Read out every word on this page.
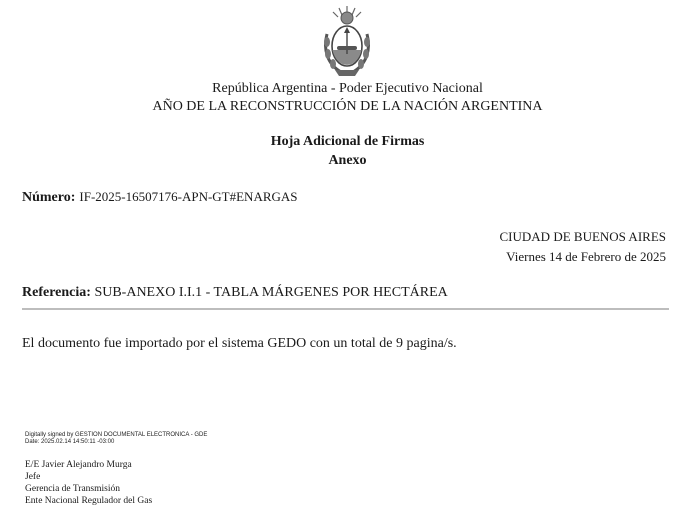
República Argentina - Poder Ejecutivo Nacional
AÑO DE LA RECONSTRUCCIÓN DE LA NACIÓN ARGENTINA
Hoja Adicional de Firmas
Anexo
Número: IF-2025-16507176-APN-GT#ENARGAS
CIUDAD DE BUENOS AIRES
Viernes 14 de Febrero de 2025
Referencia: SUB-ANEXO I.I.1 - TABLA MÁRGENES POR HECTÁREA
El documento fue importado por el sistema GEDO con un total de 9 pagina/s.
Digitally signed by GESTION DOCUMENTAL ELECTRONICA - GDE
Date: 2025.02.14 14:50:11 -03:00
E/E Javier Alejandro Murga
Jefe
Gerencia de Transmisión
Ente Nacional Regulador del Gas
